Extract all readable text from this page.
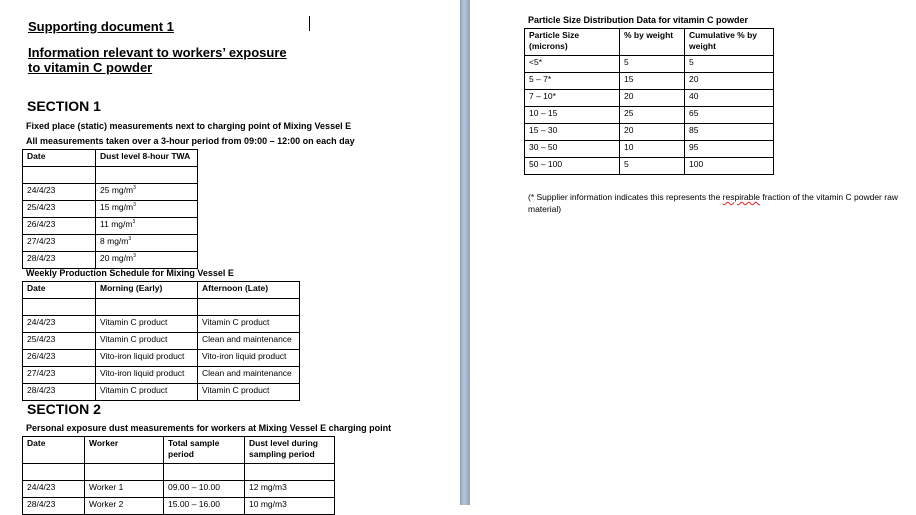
Supporting document 1
Information relevant to workers’ exposure
to vitamin C powder
SECTION 1
Fixed place (static) measurements next to charging point of Mixing Vessel E
All measurements taken over a 3-hour period from 09:00 – 12:00 on each day
Date	Dust level 8-hour TWA

24/4/23	25 $mg/m^3$
25/4/23	15 $mg/m^3$
26/4/23	11 $mg/m^3$
27/4/23	8 $mg/m^3$
28/4/23	20 $mg/m^3$
Weekly Production Schedule for Mixing Vessel E
Date	Morning (Early)	Afternoon (Late)

24/4/23	Vitamin C product	Vitamin C product
25/4/23	Vitamin C product	Clean and maintenance
26/4/23	Vito-iron liquid product	Vito-iron liquid product
27/4/23	Vito-iron liquid product	Clean and maintenance
28/4/23	Vitamin C product	Vitamin C product
SECTION 2
Personal exposure dust measurements for workers at Mixing Vessel E charging point
Date	Worker	Total sample period	Dust level during sampling period

24/4/23	Worker 1	09.00 – 10.00	12 mg/m3
28/4/23	Worker 2	15.00 – 16.00	10 mg/m3
Particle Size Distribution Data for vitamin C powder
Particle Size (microns)	% by weight	Cumulative % by weight
<5*	5	5
5 – 7*	15	20
7 – 10*	20	40
10 – 15	25	65
15 – 30	20	85
30 – 50	10	95
50 – 100	5	100
(* Supplier information indicates this represents the respirable fraction of the vitamin C powder raw material)
